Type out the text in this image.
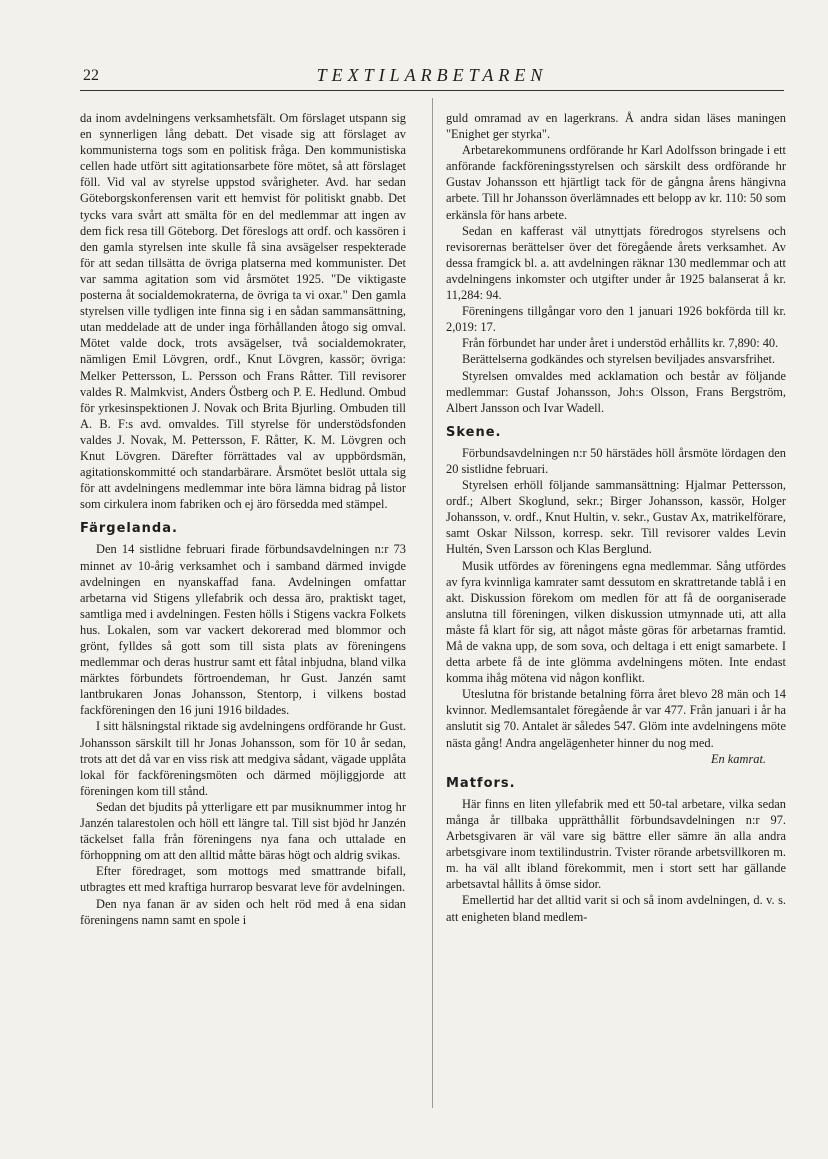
22	TEXTILARBETAREN

da inom avdelningens verksamhetsfält. Om förslaget utspann sig en synnerligen lång debatt. Det visade sig att förslaget av kommunisterna togs som en politisk fråga. Den kommunistiska cellen hade utfört sitt agitationsarbete före mötet, så att förslaget föll. Vid val av styrelse uppstod svårigheter. Avd. har sedan Göteborgskonferensen varit ett hemvist för politiskt gnabb. Det tycks vara svårt att smälta för en del medlemmar att ingen av dem fick resa till Göteborg. Det föreslogs att ordf. och kassören i den gamla styrelsen inte skulle få sina avsägelser respekterade för att sedan tillsätta de övriga platserna med kommunister. Det var samma agitation som vid årsmötet 1925. "De viktigaste posterna åt socialdemokraterna, de övriga ta vi oxar." Den gamla styrelsen ville tydligen inte finna sig i en sådan sammansättning, utan meddelade att de under inga förhållanden åtogo sig omval. Mötet valde dock, trots avsägelser, två socialdemokrater, nämligen Emil Lövgren, ordf., Knut Lövgren, kassör; övriga: Melker Pettersson, L. Persson och Frans Råtter. Till revisorer valdes R. Malmkvist, Anders Östberg och P. E. Hedlund. Ombud för yrkesinspektionen J. Novak och Brita Bjurling. Ombuden till A. B. F:s avd. omvaldes. Till styrelse för understödsfonden valdes J. Novak, M. Pettersson, F. Råtter, K. M. Lövgren och Knut Lövgren. Därefter förrättades val av uppbördsmän, agitationskommitté och standarbärare. Årsmötet beslöt uttala sig för att avdelningens medlemmar inte böra lämna bidrag på listor som cirkulera inom fabriken och ej äro försedda med stämpel.

Färgelanda.

Den 14 sistlidne februari firade förbundsavdelningen n:r 73 minnet av 10-årig verksamhet och i samband därmed invigde avdelningen en nyanskaffad fana. Avdelningen omfattar arbetarna vid Stigens yllefabrik och dessa äro, praktiskt taget, samtliga med i avdelningen. Festen hölls i Stigens vackra Folkets hus. Lokalen, som var vackert dekorerad med blommor och grönt, fylldes så gott som till sista plats av föreningens medlemmar och deras hustrur samt ett fåtal inbjudna, bland vilka märktes förbundets förtroendeman, hr Gust. Janzén samt lantbrukaren Jonas Johansson, Stentorp, i vilkens bostad fackföreningen den 16 juni 1916 bildades.

I sitt hälsningstal riktade sig avdelningens ordförande hr Gust. Johansson särskilt till hr Jonas Johansson, som för 10 år sedan, trots att det då var en viss risk att medgiva sådant, vägade upplåta lokal för fackföreningsmöten och därmed möjliggjorde att föreningen kom till stånd.

Sedan det bjudits på ytterligare ett par musiknummer intog hr Janzén talarestolen och höll ett längre tal. Till sist bjöd hr Janzén täckelset falla från föreningens nya fana och uttalade en förhoppning om att den alltid måtte bäras högt och aldrig svikas.

Efter föredraget, som mottogs med smattrande bifall, utbragtes ett med kraftiga hurrarop besvarat leve för avdelningen.

Den nya fanan är av siden och helt röd med å ena sidan föreningens namn samt en spole i

guld omramad av en lagerkrans. Å andra sidan läses maningen "Enighet ger styrka".

Arbetarekommunens ordförande hr Karl Adolfsson bringade i ett anförande fackföreningsstyrelsen och särskilt dess ordförande hr Gustav Johansson ett hjärtligt tack för de gångna årens hängivna arbete. Till hr Johansson överlämnades ett belopp av kr. 110: 50 som erkänsla för hans arbete.

Sedan en kafferast väl utnyttjats föredrogos styrelsens och revisorernas berättelser över det föregående årets verksamhet. Av dessa framgick bl. a. att avdelningen räknar 130 medlemmar och att avdelningens inkomster och utgifter under år 1925 balanserat å kr. 11,284: 94.

Föreningens tillgångar voro den 1 januari 1926 bokförda till kr. 2,019: 17.

Från förbundet har under året i understöd erhållits kr. 7,890: 40.

Berättelserna godkändes och styrelsen beviljades ansvarsfrihet.

Styrelsen omvaldes med acklamation och består av följande medlemmar: Gustaf Johansson, Joh:s Olsson, Frans Bergström, Albert Jansson och Ivar Wadell.

Skene.

Förbundsavdelningen n:r 50 härstädes höll årsmöte lördagen den 20 sistlidne februari.

Styrelsen erhöll följande sammansättning: Hjalmar Pettersson, ordf.; Albert Skoglund, sekr.; Birger Johansson, kassör, Holger Johansson, v. ordf., Knut Hultin, v. sekr., Gustav Ax, matrikelförare, samt Oskar Nilsson, korresp. sekr. Till revisorer valdes Levin Hultén, Sven Larsson och Klas Berglund.

Musik utfördes av föreningens egna medlemmar. Sång utfördes av fyra kvinnliga kamrater samt dessutom en skrattretande tablå i en akt. Diskussion förekom om medlen för att få de oorganiserade anslutna till föreningen, vilken diskussion utmynnade uti, att alla måste få klart för sig, att något måste göras för arbetarnas framtid. Må de vakna upp, de som sova, och deltaga i ett enigt samarbete. I detta arbete få de inte glömma avdelningens möten. Inte endast komma ihåg mötena vid någon konflikt.

Uteslutna för bristande betalning förra året blevo 28 män och 14 kvinnor. Medlemsantalet föregående år var 477. Från januari i år ha anslutit sig 70. Antalet är således 547. Glöm inte avdelningens möte nästa gång! Andra angelägenheter hinner du nog med.

En kamrat.

Matfors.

Här finns en liten yllefabrik med ett 50-tal arbetare, vilka sedan många år tillbaka upprätthållit förbundsavdelningen n:r 97. Arbetsgivaren är väl vare sig bättre eller sämre än alla andra arbetsgivare inom textilindustrin. Tvister rörande arbetsvillkoren m. m. ha väl allt ibland förekommit, men i stort sett har gällande arbetsavtal hållits å ömse sidor.

Emellertid har det alltid varit si och så inom avdelningen, d. v. s. att enigheten bland medlem-
